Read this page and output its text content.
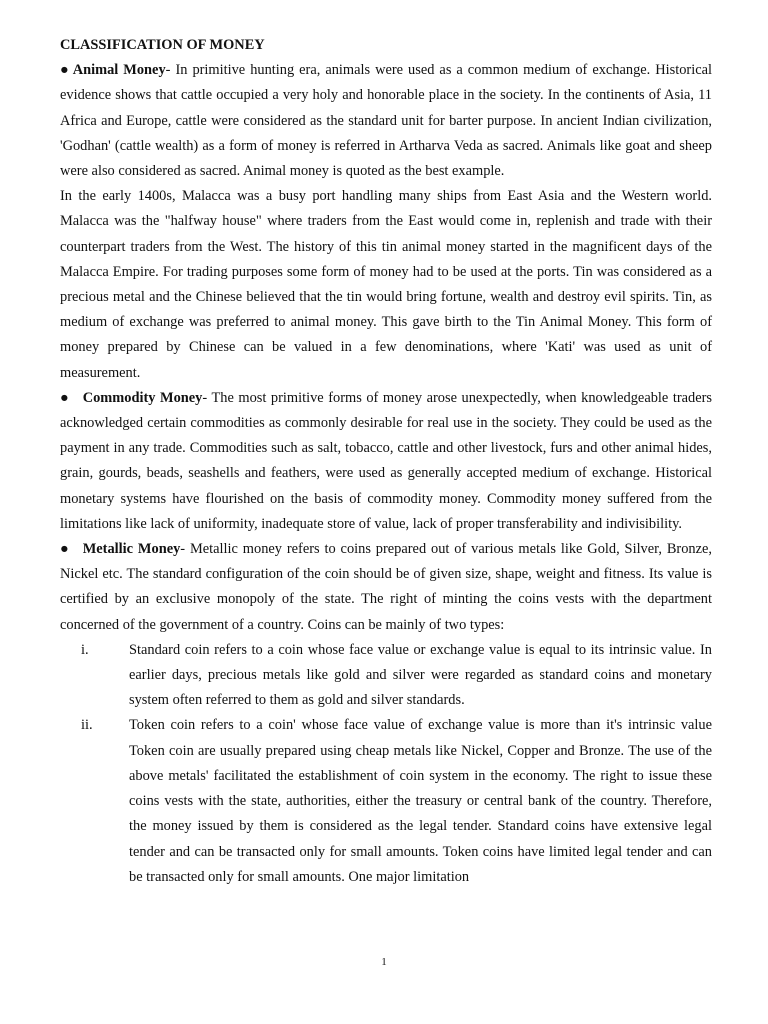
CLASSIFICATION OF MONEY

● Animal Money- In primitive hunting era, animals were used as a common medium of exchange. Historical evidence shows that cattle occupied a very holy and honorable place in the society. In the continents of Asia, 11 Africa and Europe, cattle were considered as the standard unit for barter purpose. In ancient Indian civilization, 'Godhan' (cattle wealth) as a form of money is referred in Artharva Veda as sacred. Animals like goat and sheep were also considered as sacred. Animal money is quoted as the best example.

In the early 1400s, Malacca was a busy port handling many ships from East Asia and the Western world. Malacca was the "halfway house" where traders from the East would come in, replenish and trade with their counterpart traders from the West. The history of this tin animal money started in the magnificent days of the Malacca Empire. For trading purposes some form of money had to be used at the ports. Tin was considered as a precious metal and the Chinese believed that the tin would bring fortune, wealth and destroy evil spirits. Tin, as medium of exchange was preferred to animal money. This gave birth to the Tin Animal Money. This form of money prepared by Chinese can be valued in a few denominations, where 'Kati' was used as unit of measurement.

● Commodity Money- The most primitive forms of money arose unexpectedly, when knowledgeable traders acknowledged certain commodities as commonly desirable for real use in the society. They could be used as the payment in any trade. Commodities such as salt, tobacco, cattle and other livestock, furs and other animal hides, grain, gourds, beads, seashells and feathers, were used as generally accepted medium of exchange. Historical monetary systems have flourished on the basis of commodity money. Commodity money suffered from the limitations like lack of uniformity, inadequate store of value, lack of proper transferability and indivisibility.

● Metallic Money- Metallic money refers to coins prepared out of various metals like Gold, Silver, Bronze, Nickel etc. The standard configuration of the coin should be of given size, shape, weight and fitness. Its value is certified by an exclusive monopoly of the state. The right of minting the coins vests with the department concerned of the government of a country. Coins can be mainly of two types:

i.	Standard coin refers to a coin whose face value or exchange value is equal to its intrinsic value. In earlier days, precious metals like gold and silver were regarded as standard coins and monetary system often referred to them as gold and silver standards.
ii.	Token coin refers to a coin' whose face value of exchange value is more than it's intrinsic value Token coin are usually prepared using cheap metals like Nickel, Copper and Bronze. The use of the above metals' facilitated the establishment of coin system in the economy. The right to issue these coins vests with the state, authorities, either the treasury or central bank of the country. Therefore, the money issued by them is considered as the legal tender. Standard coins have extensive legal tender and can be transacted only for small amounts. Token coins have limited legal tender and can be transacted only for small amounts. One major limitation
1
